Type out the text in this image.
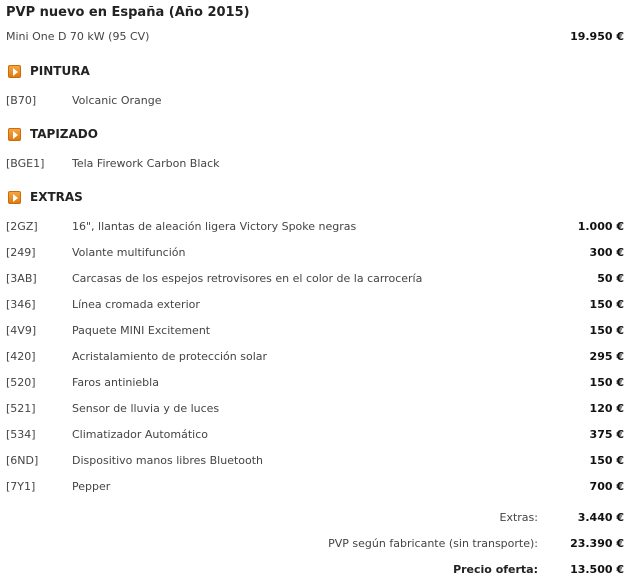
PVP nuevo en España (Año 2015)
Mini One D 70 kW (95 CV)	19.950 €
PINTURA
[B70]	Volcanic Orange
TAPIZADO
[BGE1]	Tela Firework Carbon Black
EXTRAS
[2GZ]	16", llantas de aleación ligera Victory Spoke negras	1.000 €
[249]	Volante multifunción	300 €
[3AB]	Carcasas de los espejos retrovisores en el color de la carrocería	50 €
[346]	Línea cromada exterior	150 €
[4V9]	Paquete MINI Excitement	150 €
[420]	Acristalamiento de protección solar	295 €
[520]	Faros antiniebla	150 €
[521]	Sensor de lluvia y de luces	120 €
[534]	Climatizador Automático	375 €
[6ND]	Dispositivo manos libres Bluetooth	150 €
[7Y1]	Pepper	700 €
Extras:	3.440 €
PVP según fabricante (sin transporte):	23.390 €
Precio oferta:	13.500 €
